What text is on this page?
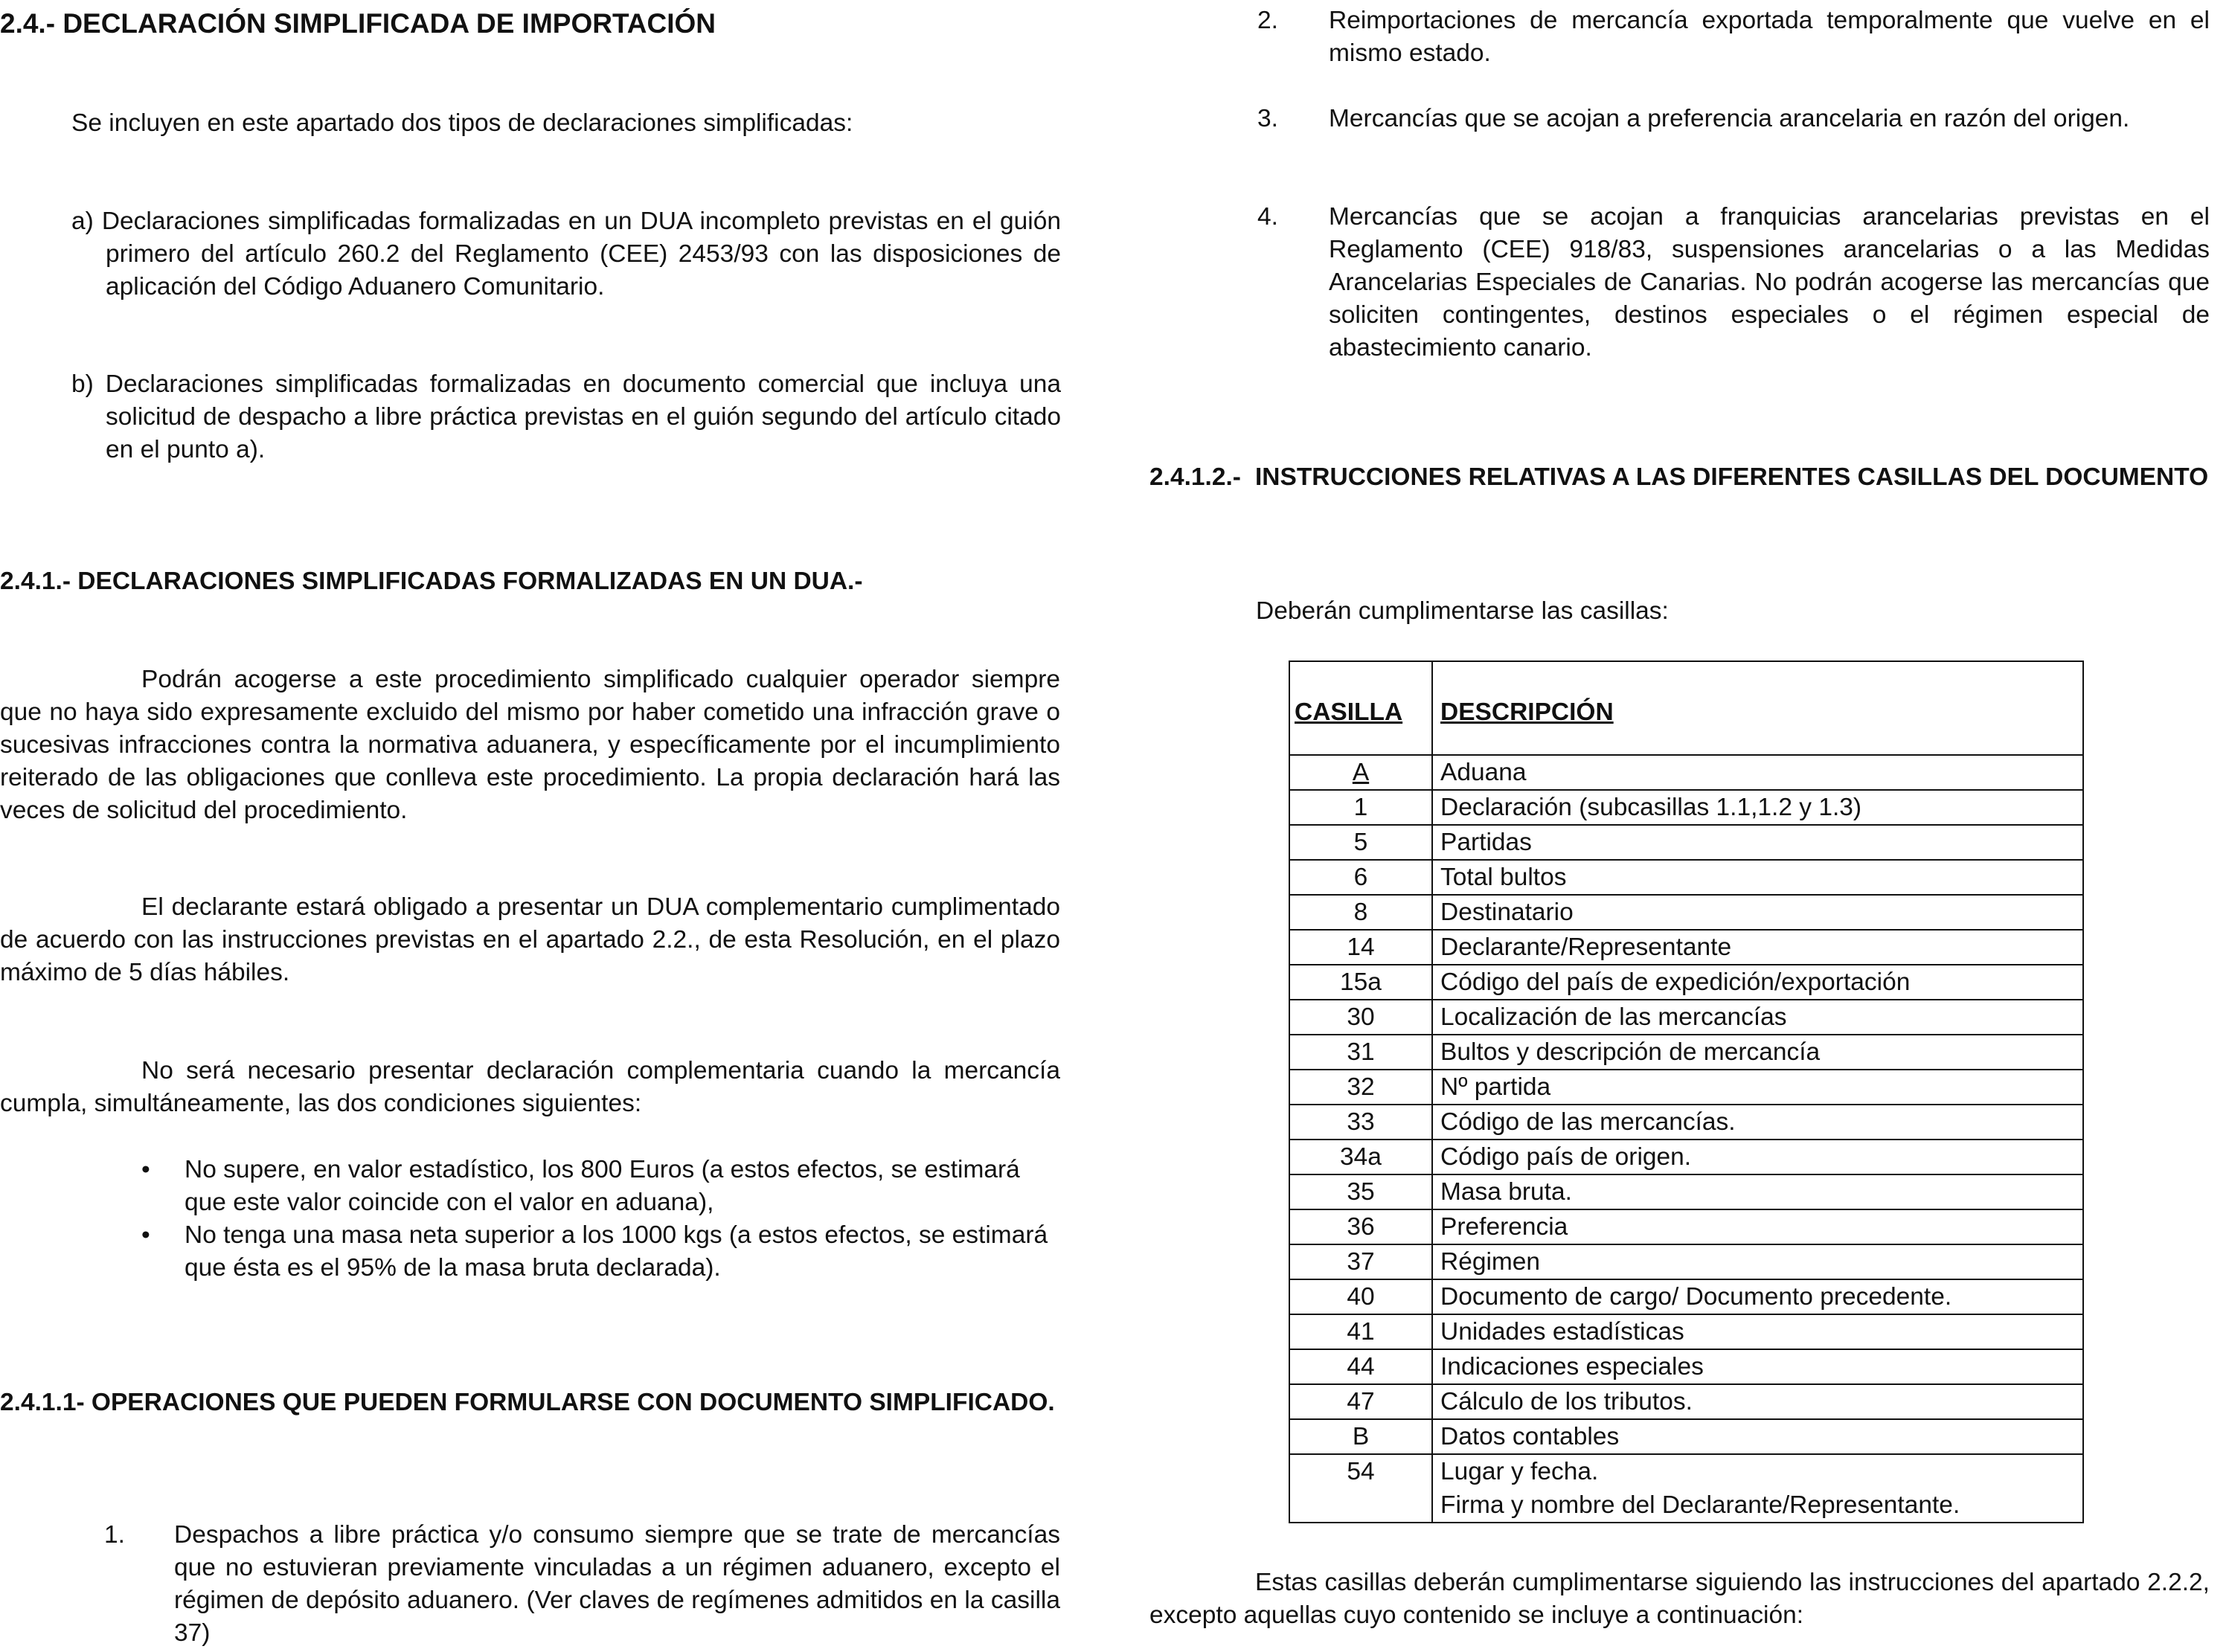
2.4.- DECLARACIÓN SIMPLIFICADA DE IMPORTACIÓN

Se incluyen en este apartado dos tipos de declaraciones simplificadas:

a) Declaraciones simplificadas formalizadas en un DUA incompleto previstas en el guión primero del artículo 260.2 del Reglamento (CEE) 2453/93 con las disposiciones de aplicación del Código Aduanero Comunitario.

b) Declaraciones simplificadas formalizadas en documento comercial que incluya una solicitud de despacho a libre práctica previstas en el guión segundo del artículo citado en el punto a).

2.4.1.- DECLARACIONES SIMPLIFICADAS FORMALIZADAS EN UN DUA.-

Podrán acogerse a este procedimiento simplificado cualquier operador siempre que no haya sido expresamente excluido del mismo por haber cometido una infracción grave o sucesivas infracciones contra la normativa aduanera, y específicamente por el incumplimiento reiterado de las obligaciones que conlleva este procedimiento. La propia declaración hará las veces de solicitud del procedimiento.

El declarante estará obligado a presentar un DUA complementario cumplimentado de acuerdo con las instrucciones previstas en el apartado 2.2., de esta Resolución, en el plazo máximo de 5 días hábiles.

No será necesario presentar declaración complementaria cuando la mercancía cumpla, simultáneamente, las dos condiciones siguientes:

• No supere, en valor estadístico, los 800 Euros (a estos efectos, se estimará que este valor coincide con el valor en aduana),
• No tenga una masa neta superior a los 1000 kgs (a estos efectos, se estimará que ésta es el 95% de la masa bruta declarada).
2.4.1.1- OPERACIONES QUE PUEDEN FORMULARSE CON DOCUMENTO SIMPLIFICADO.
1. Despachos a libre práctica y/o consumo siempre que se trate de mercancías que no estuvieran previamente vinculadas a un régimen aduanero, excepto el régimen de depósito aduanero. (Ver claves de regímenes admitidos en la casilla 37)

2. Reimportaciones de mercancía exportada temporalmente que vuelve en el mismo estado.

3. Mercancías que se acojan a preferencia arancelaria en razón del origen.

4. Mercancías que se acojan a franquicias arancelarias previstas en el Reglamento (CEE) 918/83, suspensiones arancelarias o a las Medidas Arancelarias Especiales de Canarias. No podrán acogerse las mercancías que soliciten contingentes, destinos especiales o el régimen especial de abastecimiento canario.

2.4.1.2.- INSTRUCCIONES RELATIVAS A LAS DIFERENTES CASILLAS DEL DOCUMENTO

Deberán cumplimentarse las casillas:

CASILLA	DESCRIPCIÓN

A	Aduana
1	Declaración (subcasillas 1.1,1.2 y 1.3)
5	Partidas
6	Total bultos
8	Destinatario
14	Declarante/Representante
15a	Código del país de expedición/exportación
30	Localización de las mercancías
31	Bultos y descripción de mercancía
32	Nº partida
33	Código de las mercancías.
34a	Código país de origen.
35	Masa bruta.
36	Preferencia
37	Régimen
40	Documento de cargo/ Documento precedente.
41	Unidades estadísticas
44	Indicaciones especiales
47	Cálculo de los tributos.
B	Datos contables
54	Lugar y fecha.
Firma y nombre del Declarante/Representante.

Estas casillas deberán cumplimentarse siguiendo las instrucciones del apartado 2.2.2, excepto aquellas cuyo contenido se incluye a continuación:
